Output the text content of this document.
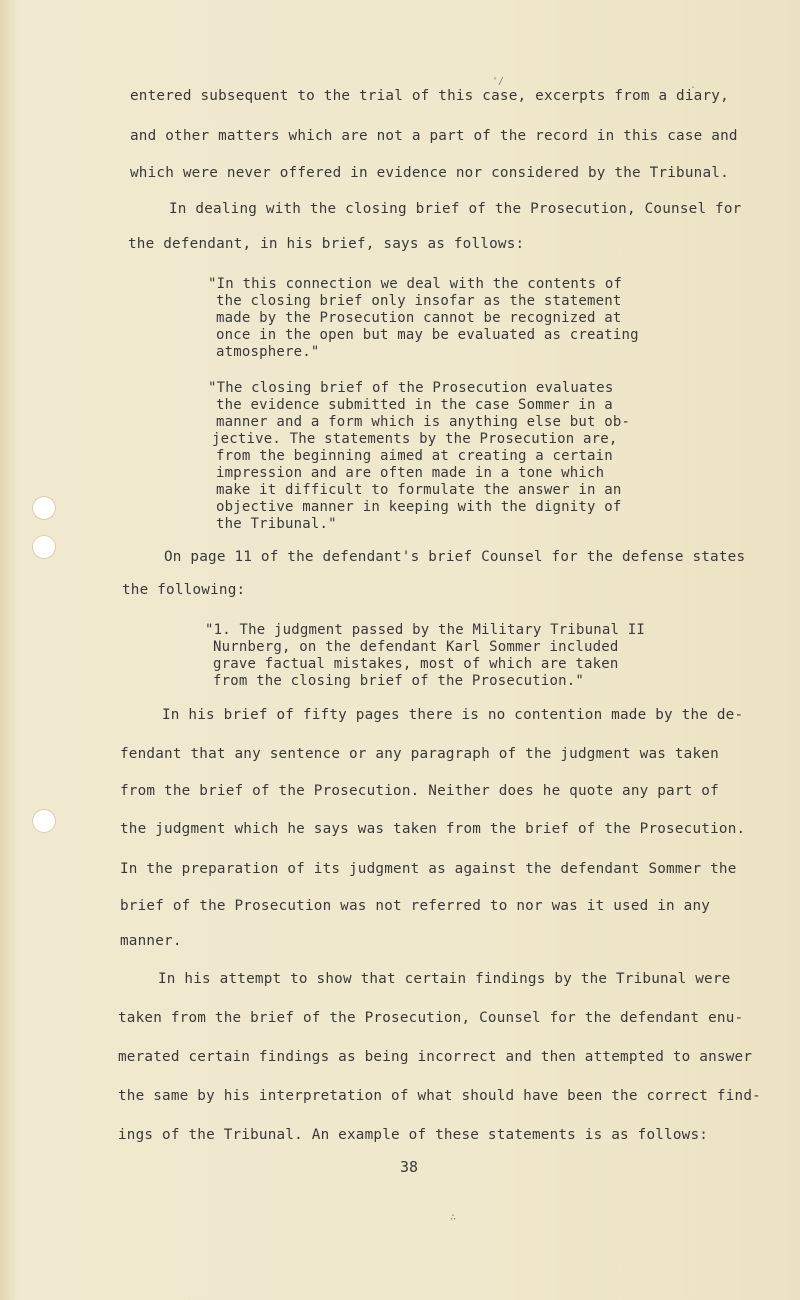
'/	.
∴
entered subsequent to the trial of this case, excerpts from a diary,
and other matters which are not a part of the record in this case and
which were never offered in evidence nor considered by the Tribunal.
In dealing with the closing brief of the Prosecution, Counsel for
the defendant, in his brief, says as follows:
"In this connection we deal with the contents of
the closing brief only insofar as the statement
made by the Prosecution cannot be recognized at
once in the open but may be evaluated as creating
atmosphere."
"The closing brief of the Prosecution evaluates
the evidence submitted in the case Sommer in a
manner and a form which is anything else but ob-
jective. The statements by the Prosecution are,
from the beginning aimed at creating a certain
impression and are often made in a tone which
make it difficult to formulate the answer in an
objective manner in keeping with the dignity of
the Tribunal."
On page 11 of the defendant's brief Counsel for the defense states
the following:
"1. The judgment passed by the Military Tribunal II
Nurnberg, on the defendant Karl Sommer included
grave factual mistakes, most of which are taken
from the closing brief of the Prosecution."
In his brief of fifty pages there is no contention made by the de-
fendant that any sentence or any paragraph of the judgment was taken
from the brief of the Prosecution. Neither does he quote any part of
the judgment which he says was taken from the brief of the Prosecution.
In the preparation of its judgment as against the defendant Sommer the
brief of the Prosecution was not referred to nor was it used in any
manner.
In his attempt to show that certain findings by the Tribunal were
taken from the brief of the Prosecution, Counsel for the defendant enu-
merated certain findings as being incorrect and then attempted to answer
the same by his interpretation of what should have been the correct find-
ings of the Tribunal. An example of these statements is as follows:
38
